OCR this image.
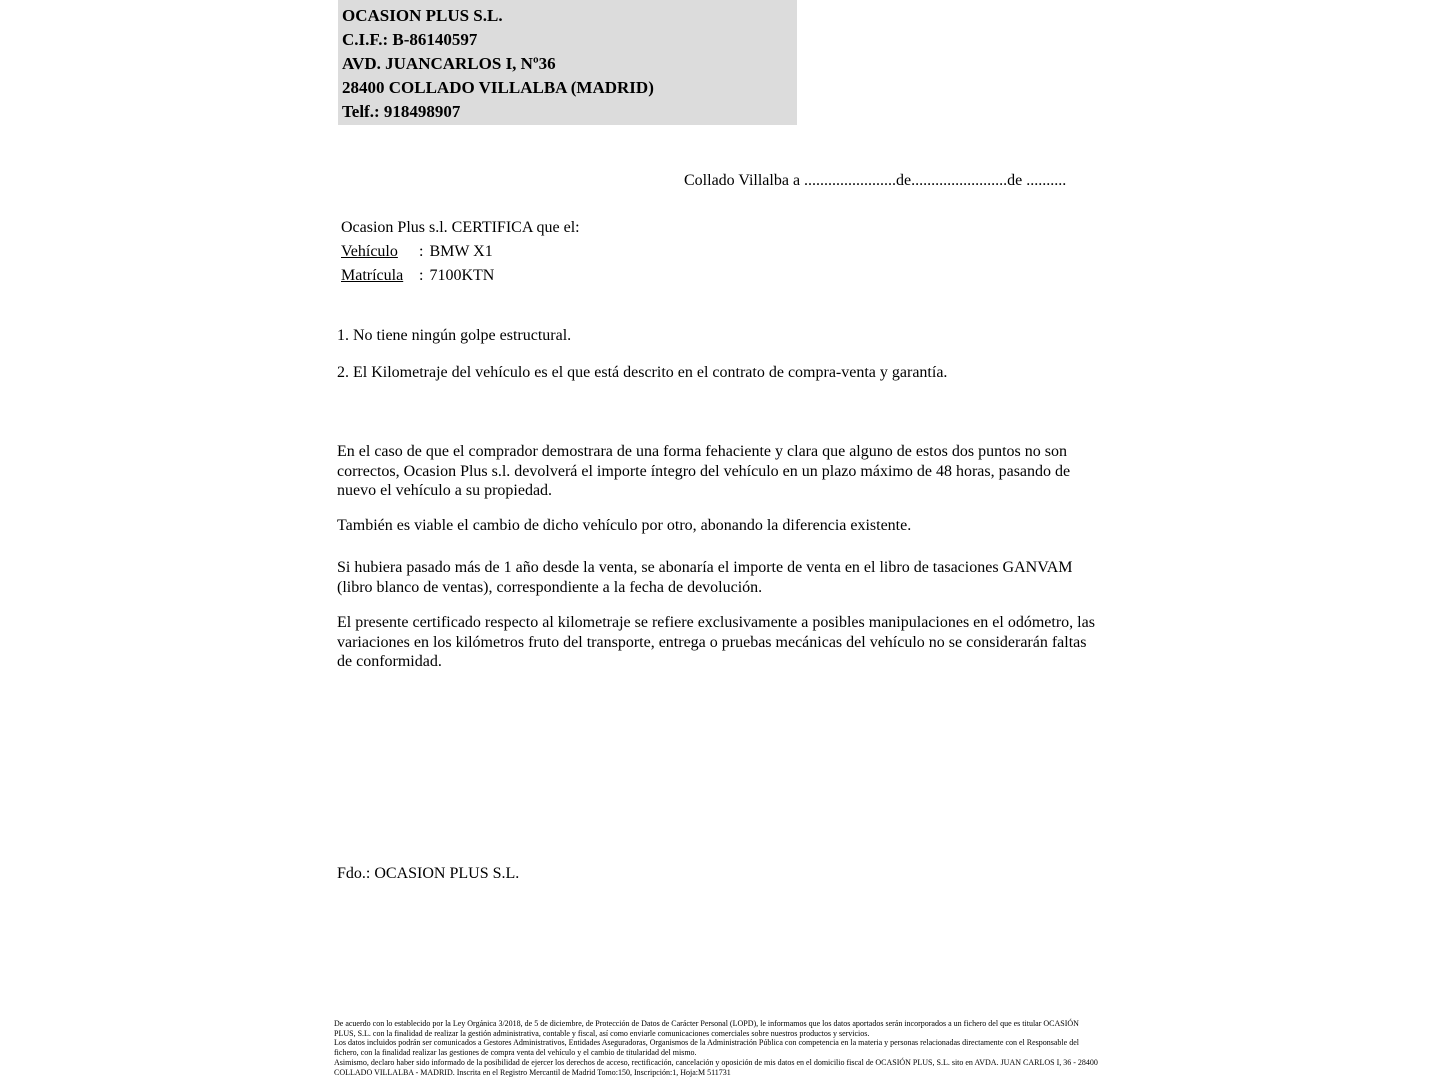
OCASION PLUS S.L.
C.I.F.: B-86140597
AVD. JUANCARLOS I, Nº36
28400 COLLADO VILLALBA (MADRID)
Telf.: 918498907
Collado Villalba a .......................de........................de ..........
Ocasion Plus s.l. CERTIFICA que el:
Vehículo : BMW X1
Matrícula : 7100KTN

1. No tiene ningún golpe estructural.

2. El Kilometraje del vehículo es el que está descrito en el contrato de compra-venta y garantía.

En el caso de que el comprador demostrara de una forma fehaciente y clara que alguno de estos dos puntos no son correctos, Ocasion Plus s.l. devolverá el importe íntegro del vehículo en un plazo máximo de 48 horas, pasando de nuevo el vehículo a su propiedad.

También es viable el cambio de dicho vehículo por otro, abonando la diferencia existente.

Si hubiera pasado más de 1 año desde la venta, se abonaría el importe de venta en el libro de tasaciones GANVAM (libro blanco de ventas), correspondiente a la fecha de devolución.

El presente certificado respecto al kilometraje se refiere exclusivamente a posibles manipulaciones en el odómetro, las variaciones en los kilómetros fruto del transporte, entrega o pruebas mecánicas del vehículo no se considerarán faltas de conformidad.

Fdo.: OCASION PLUS S.L.

De acuerdo con lo establecido por la Ley Orgánica 3/2018, de 5 de diciembre, de Protección de Datos de Carácter Personal (LOPD), le informamos que los datos aportados serán incorporados a un fichero del que es titular OCASIÓN PLUS, S.L. con la finalidad de realizar la gestión administrativa, contable y fiscal, así como enviarle comunicaciones comerciales sobre nuestros productos y servicios.

Los datos incluidos podrán ser comunicados a Gestores Administrativos, Entidades Aseguradoras, Organismos de la Administración Pública con competencia en la materia y personas relacionadas directamente con el Responsable del fichero, con la finalidad realizar las gestiones de compra venta del vehículo y el cambio de titularidad del mismo.

Asimismo, declaro haber sido informado de la posibilidad de ejercer los derechos de acceso, rectificación, cancelación y oposición de mis datos en el domicilio fiscal de OCASIÓN PLUS, S.L. sito en AVDA. JUAN CARLOS I, 36 - 28400 COLLADO VILLALBA - MADRID. Inscrita en el Registro Mercantil de Madrid Tomo:150, Inscripción:1, Hoja:M 511731
